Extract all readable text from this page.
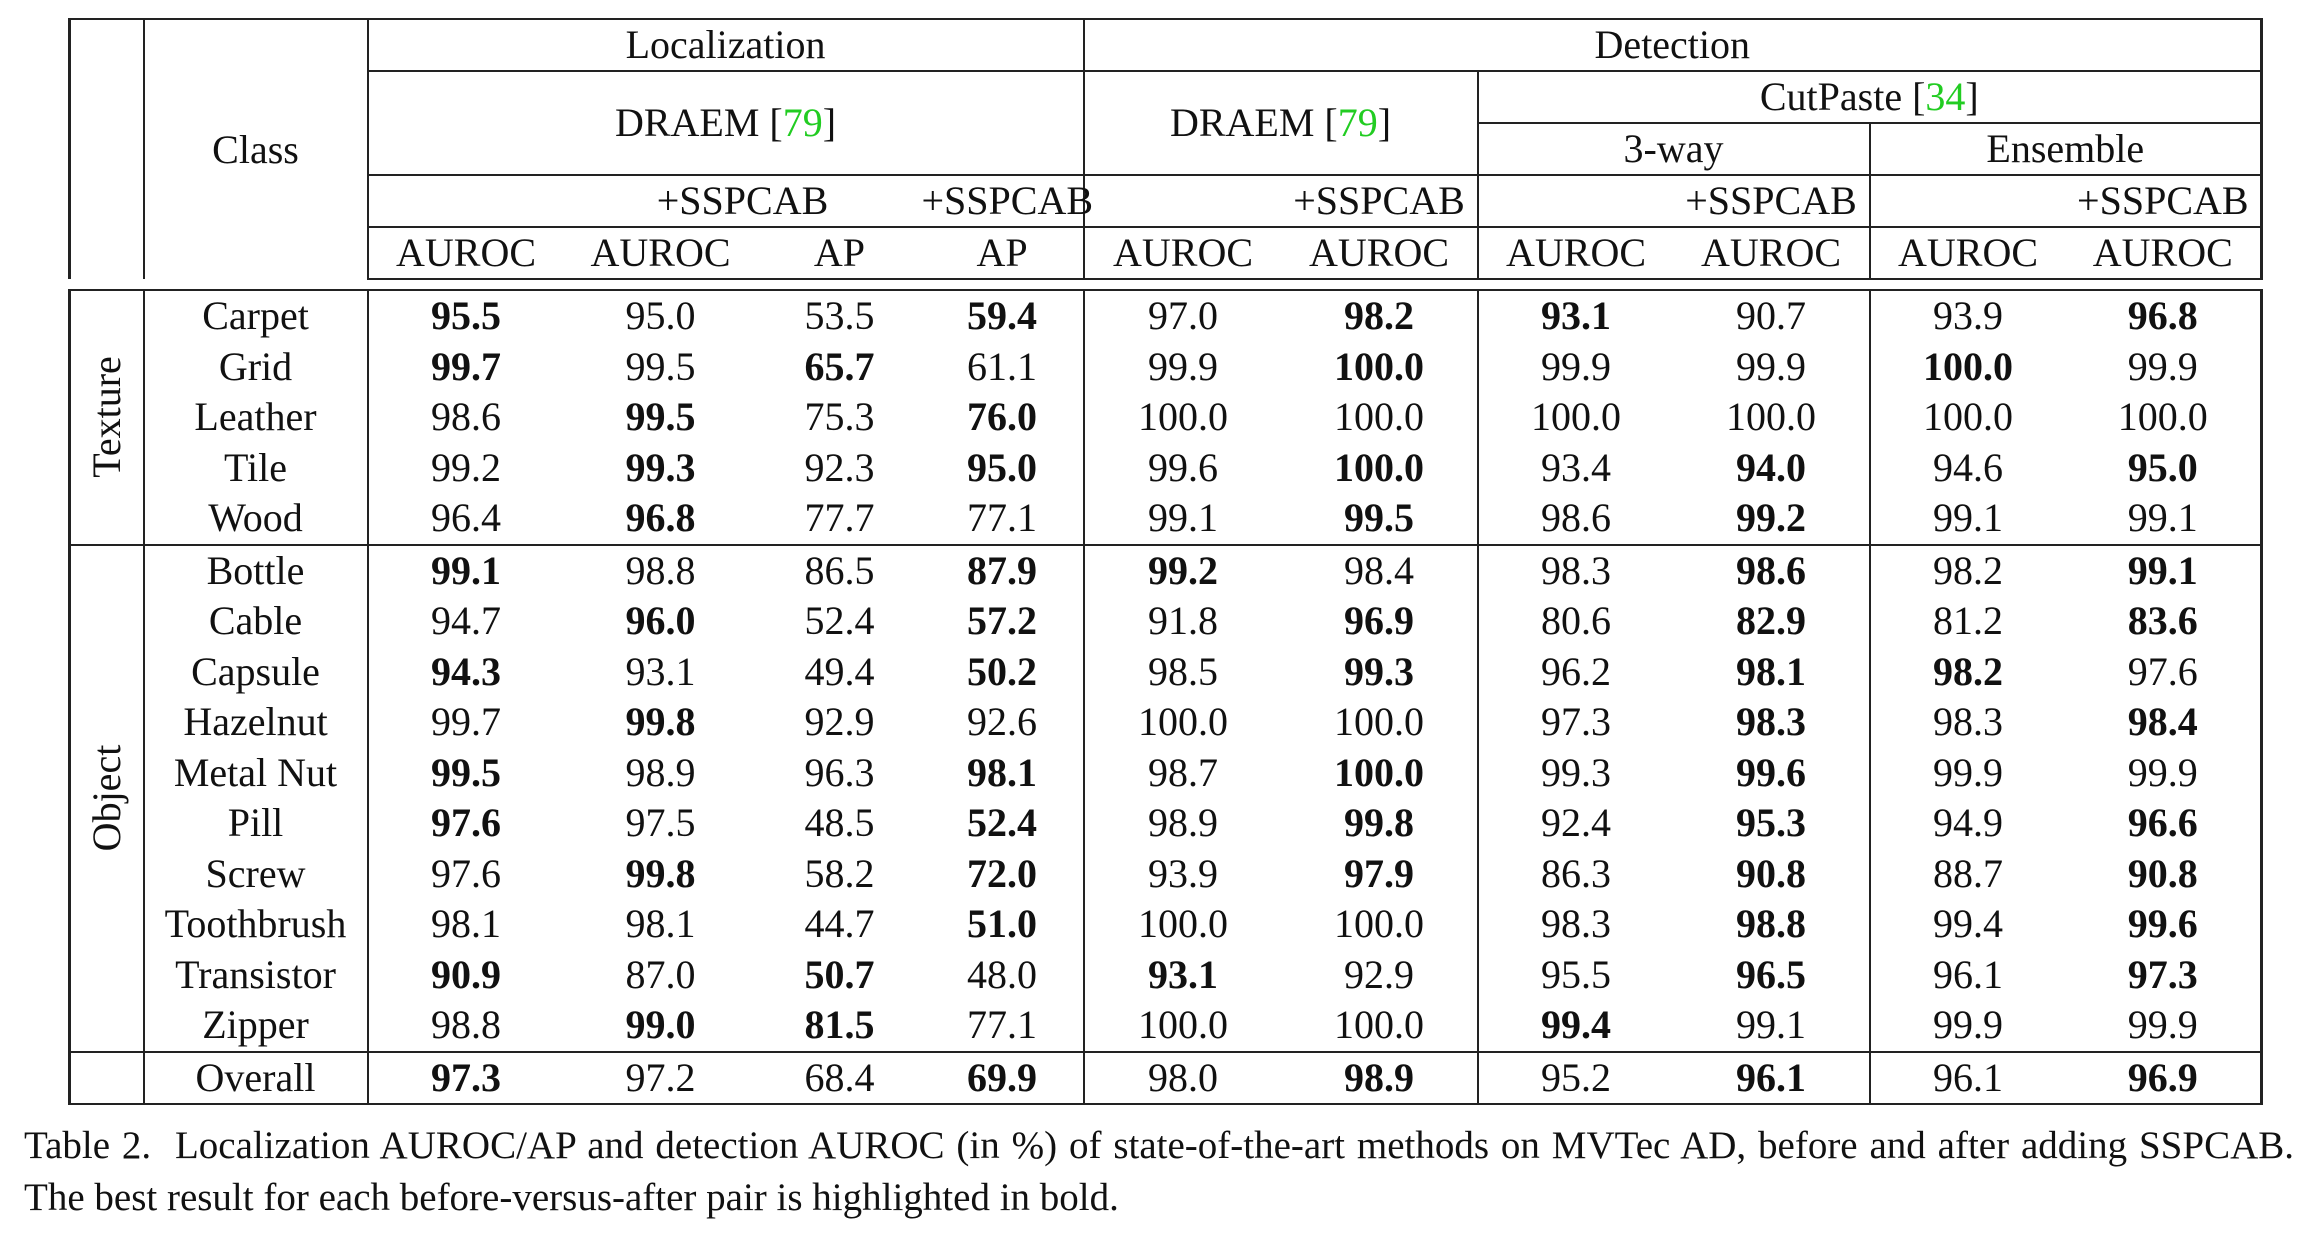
	Class	Localization				Detection					
		DRAEM [79]				DRAEM [79]		CutPaste [34]			
								3-way		Ensemble	
			+SSPCAB		+SSPCAB		+SSPCAB		+SSPCAB		+SSPCAB
		AUROC	AUROC	AP	AP	AUROC	AUROC	AUROC	AUROC	AUROC	AUROC

Texture	Carpet	95.5	95.0	53.5	59.4	97.0	98.2	93.1	90.7	93.9	96.8
	Grid	99.7	99.5	65.7	61.1	99.9	100.0	99.9	99.9	100.0	99.9
	Leather	98.6	99.5	75.3	76.0	100.0	100.0	100.0	100.0	100.0	100.0
	Tile	99.2	99.3	92.3	95.0	99.6	100.0	93.4	94.0	94.6	95.0
	Wood	96.4	96.8	77.7	77.1	99.1	99.5	98.6	99.2	99.1	99.1

Object	Bottle	99.1	98.8	86.5	87.9	99.2	98.4	98.3	98.6	98.2	99.1
	Cable	94.7	96.0	52.4	57.2	91.8	96.9	80.6	82.9	81.2	83.6
	Capsule	94.3	93.1	49.4	50.2	98.5	99.3	96.2	98.1	98.2	97.6
	Hazelnut	99.7	99.8	92.9	92.6	100.0	100.0	97.3	98.3	98.3	98.4
	Metal Nut	99.5	98.9	96.3	98.1	98.7	100.0	99.3	99.6	99.9	99.9
	Pill	97.6	97.5	48.5	52.4	98.9	99.8	92.4	95.3	94.9	96.6
	Screw	97.6	99.8	58.2	72.0	93.9	97.9	86.3	90.8	88.7	90.8
	Toothbrush	98.1	98.1	44.7	51.0	100.0	100.0	98.3	98.8	99.4	99.6
	Transistor	90.9	87.0	50.7	48.0	93.1	92.9	95.5	96.5	96.1	97.3
	Zipper	98.8	99.0	81.5	77.1	100.0	100.0	99.4	99.1	99.9	99.9
	Overall	97.3	97.2	68.4	69.9	98.0	98.9	95.2	96.1	96.1	96.9
Table 2. Localization AUROC/AP and detection AUROC (in %) of state-of-the-art methods on MVTec AD, before and after adding SSPCAB. The best result for each before-versus-after pair is highlighted in bold.
